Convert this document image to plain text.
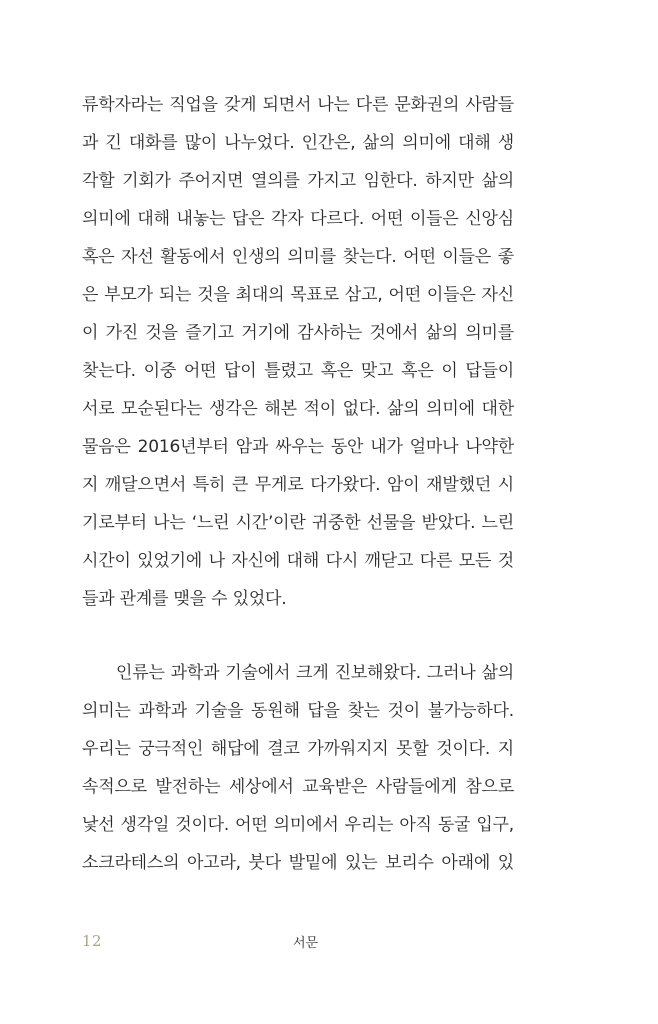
류학자라는 직업을 갖게 되면서 나는 다른 문화권의 사람들
과 긴 대화를 많이 나누었다. 인간은, 삶의 의미에 대해 생
각할 기회가 주어지면 열의를 가지고 임한다. 하지만 삶의
의미에 대해 내놓는 답은 각자 다르다. 어떤 이들은 신앙심
혹은 자선 활동에서 인생의 의미를 찾는다. 어떤 이들은 좋
은 부모가 되는 것을 최대의 목표로 삼고, 어떤 이들은 자신
이 가진 것을 즐기고 거기에 감사하는 것에서 삶의 의미를
찾는다. 이중 어떤 답이 틀렸고 혹은 맞고 혹은 이 답들이
서로 모순된다는 생각은 해본 적이 없다. 삶의 의미에 대한
물음은 2016년부터 암과 싸우는 동안 내가 얼마나 나약한
지 깨달으면서 특히 큰 무게로 다가왔다. 암이 재발했던 시
기로부터 나는 ‘느린 시간’이란 귀중한 선물을 받았다. 느린
시간이 있었기에 나 자신에 대해 다시 깨닫고 다른 모든 것
들과 관계를 맺을 수 있었다.
인류는 과학과 기술에서 크게 진보해왔다. 그러나 삶의
의미는 과학과 기술을 동원해 답을 찾는 것이 불가능하다.
우리는 궁극적인 해답에 결코 가까워지지 못할 것이다. 지
속적으로 발전하는 세상에서 교육받은 사람들에게 참으로
낯선 생각일 것이다. 어떤 의미에서 우리는 아직 동굴 입구,
소크라테스의 아고라, 붓다 발밑에 있는 보리수 아래에 있
12	서문
